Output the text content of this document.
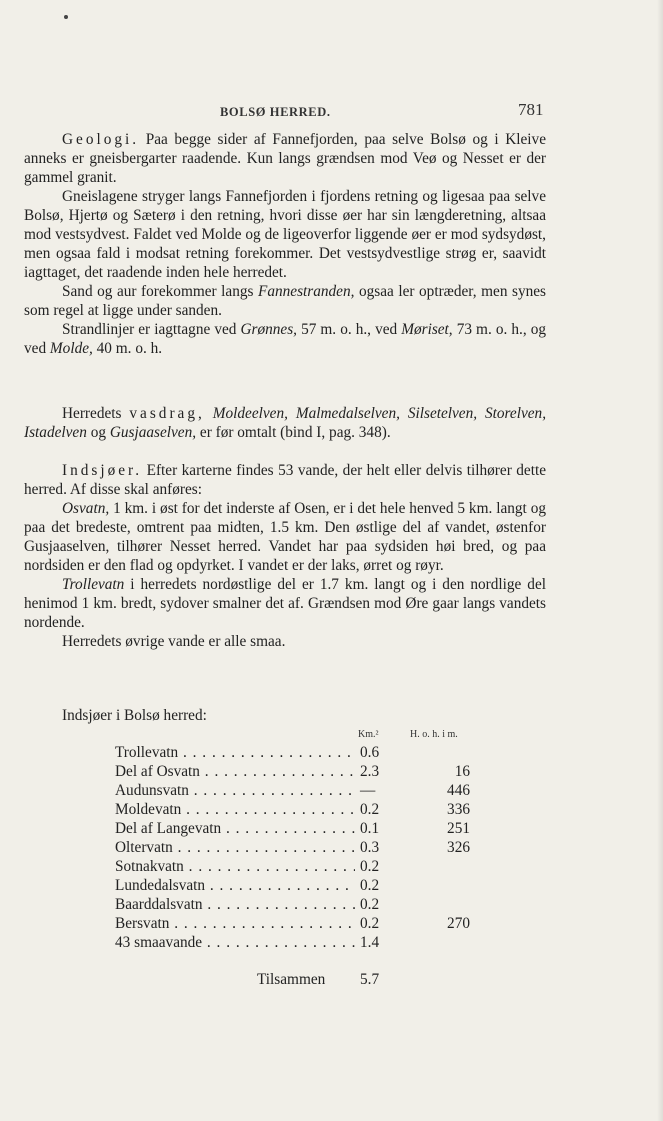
BOLSØ HERRED.	781

Geologi. Paa begge sider af Fannefjorden, paa selve Bolsø og i Kleive anneks er gneisbergarter raadende. Kun langs grændsen mod Veø og Nesset er der gammel granit.

Gneislagene stryger langs Fannefjorden i fjordens retning og ligesaa paa selve Bolsø, Hjertø og Sæterø i den retning, hvori disse øer har sin længderetning, altsaa mod vestsydvest. Faldet ved Molde og de ligeoverfor liggende øer er mod sydsydøst, men ogsaa fald i modsat retning forekommer. Det vestsydvestlige strøg er, saavidt iagttaget, det raadende inden hele herredet.

Sand og aur forekommer langs Fannestranden, ogsaa ler optræder, men synes som regel at ligge under sanden.

Strandlinjer er iagttagne ved Grønnes, 57 m. o. h., ved Møriset, 73 m. o. h., og ved Molde, 40 m. o. h.

Herredets vasdrag, Moldeelven, Malmedalselven, Silsetelven, Storelven, Istadelven og Gusjaaselven, er før omtalt (bind I, pag. 348).

Indsjøer. Efter karterne findes 53 vande, der helt eller delvis tilhører dette herred. Af disse skal anføres:

Osvatn, 1 km. i øst for det inderste af Osen, er i det hele henved 5 km. langt og paa det bredeste, omtrent paa midten, 1.5 km. Den østlige del af vandet, østenfor Gusjaaselven, tilhører Nesset herred. Vandet har paa sydsiden høi bred, og paa nordsiden er den flad og opdyrket. I vandet er der laks, ørret og røyr.

Trollevatn i herredets nordøstlige del er 1.7 km. langt og i den nordlige del henimod 1 km. bredt, sydover smalner det af. Grændsen mod Øre gaar langs vandets nordende.

Herredets øvrige vande er alle smaa.

Indsjøer i Bolsø herred:
Km.²	H. o. h. i m.
Trollevatn . . .	0.6
Del af Osvatn . . .	2.3	16
Audunsvatn . . .	—	446
Moldevatn . . .	0.2	336
Del af Langevatn . . .	0.1	251
Oltervatn . . .	0.3	326
Sotnakvatn . . .	0.2
Lundedalsvatn . . .	0.2
Baarddalsvatn . . .	0.2
Bersvatn . . .	0.2	270
43 smaavande . . .	1.4
Tilsammen 5.7
